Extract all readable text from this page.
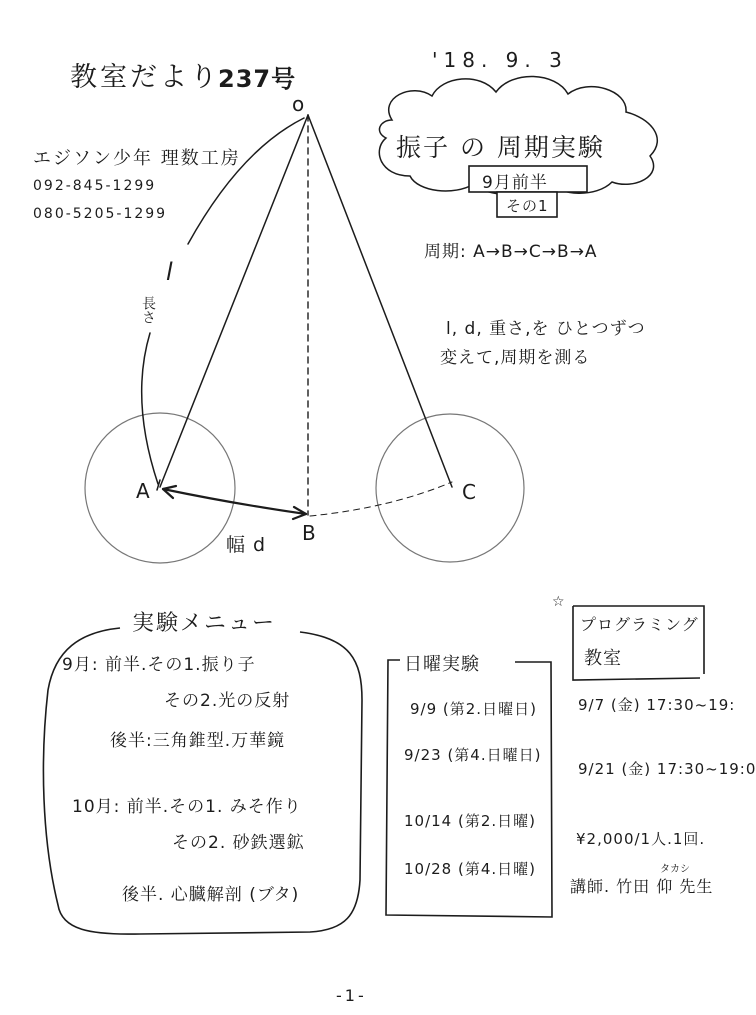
教室だより
237号
'18. 9. 3
エジソン少年 理数工房
092-845-1299
080-5205-1299
振子 の 周期実験
9月前半
その1
周期: A→B→C→B→A
l, d, 重さ,を ひとつずつ
変えて,周期を測る
o
A
B
C
l
長さ
幅 d
実験メニュー
9月: 前半.その1.振り子
その2.光の反射
後半:三角錐型.万華鏡
10月: 前半.その1. みそ作り
その2. 砂鉄選鉱
後半. 心臓解剖 (ブタ)
日曜実験
9/9 (第2.日曜日)
9/23 (第4.日曜日)
10/14 (第2.日曜)
10/28 (第4.日曜)
☆
プログラミング
教室
9/7 (金) 17:30~19:
9/21 (金) 17:30~19:0
¥2,000/1人.1回.
タカシ
講師. 竹田 仰 先生
-1-
